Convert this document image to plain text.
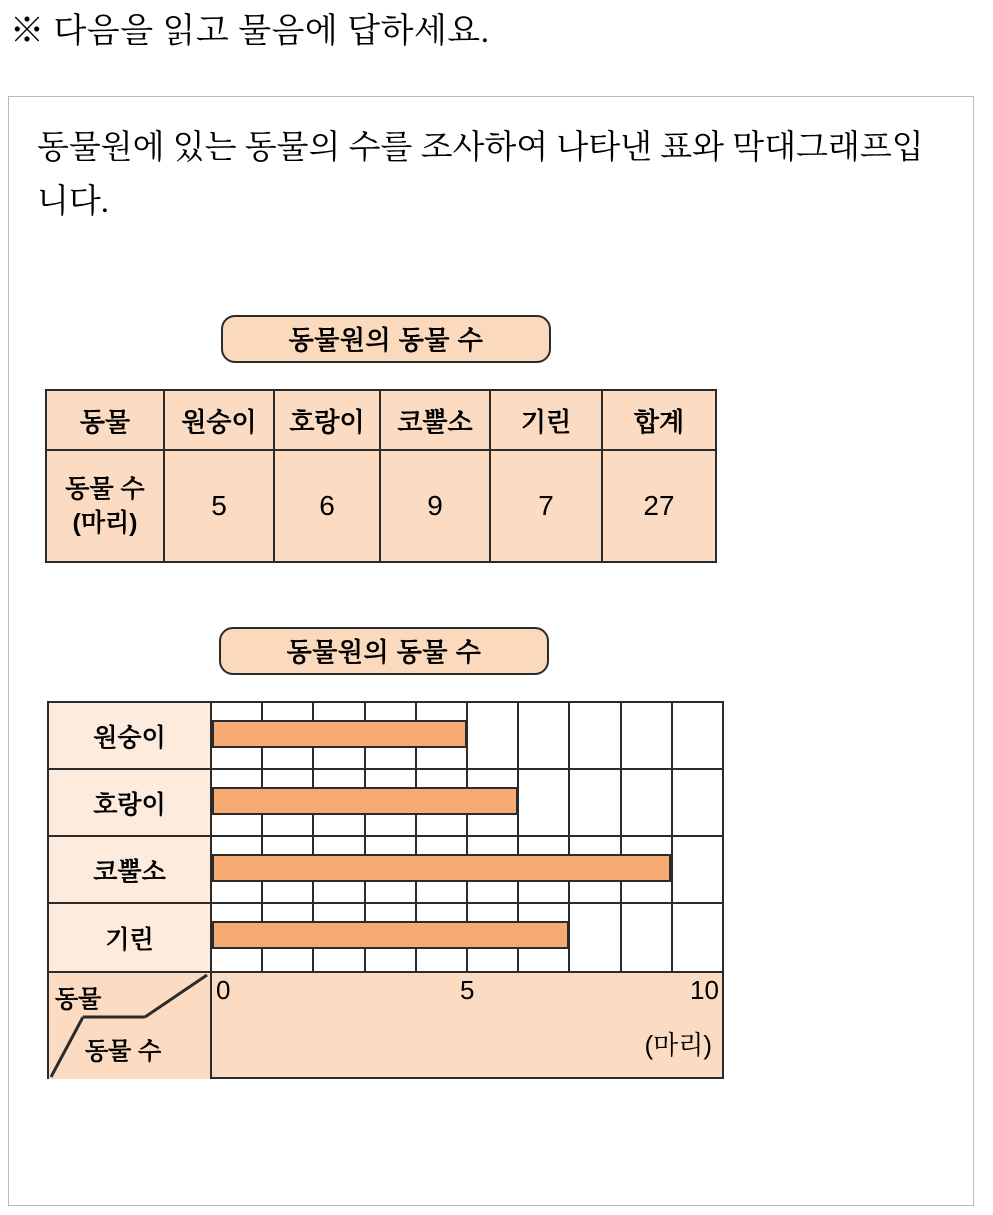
※ 다음을 읽고 물음에 답하세요.
동물원에 있는 동물의 수를 조사하여 나타낸 표와 막대그래프입니다.
동물원의 동물 수
동물	원숭이	호랑이	코뿔소	기린	합계
동물 수
(마리)	5	6	9	7	27
동물원의 동물 수
원숭이
호랑이
코뿔소
기린
동물
동물 수
0	5	10
(마리)
